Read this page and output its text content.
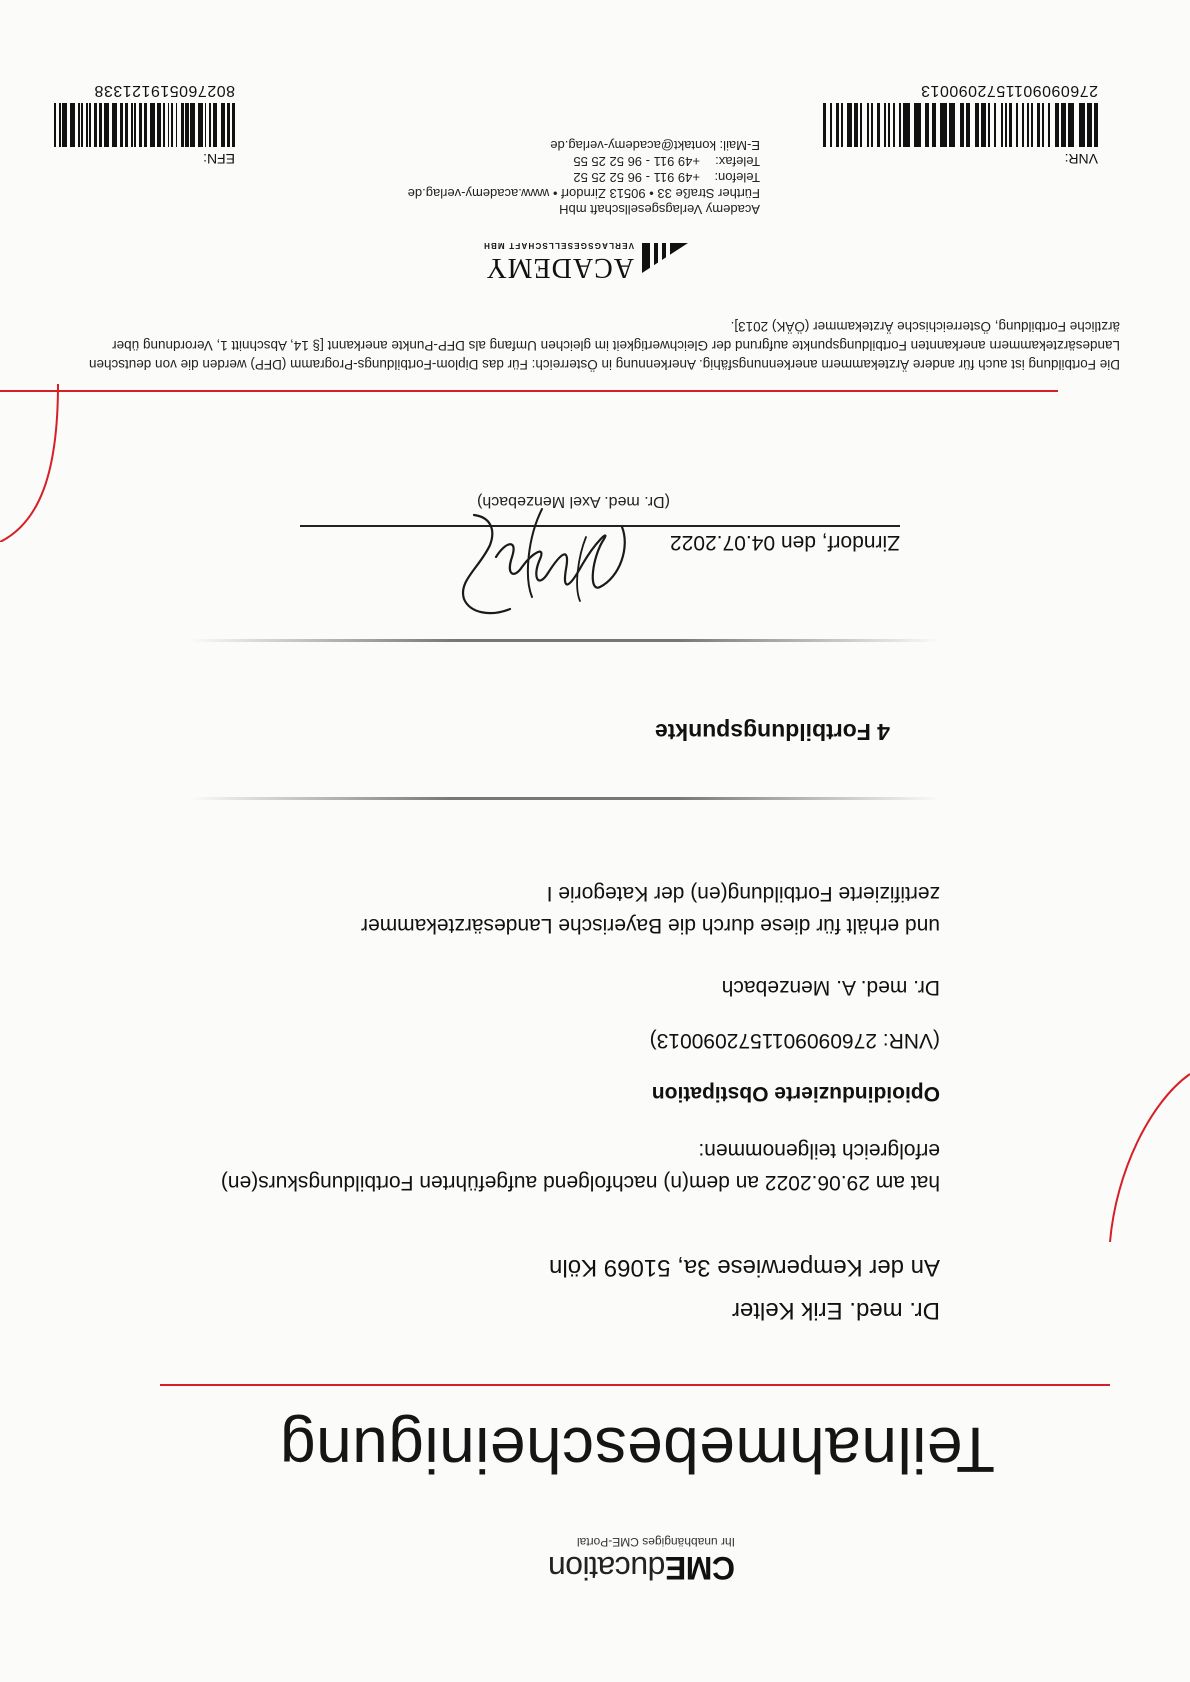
CMEducation
Ihr unabhängiges CME-Portal
Teilnahmebescheinigung
Dr. med. Erik Kelter
An der Kemperwiese 3a, 51069 Köln
hat am 29.06.2022 an dem(n) nachfolgend aufgeführten Fortbildungskurs(en)
erfolgreich teilgenommen:
Opioidinduzierte Obstipation
(VNR: 2760909011572090013)
Dr. med. A. Menzebach
und erhält für diese durch die Bayerische Landesärztekammer
zertifizierte Fortbildung(en) der Kategorie I
4 Fortbildungspunkte
Zirndorf, den 04.07.2022
(Dr. med. Axel Menzebach)
Die Fortbildung ist auch für andere Ärztekammern anerkennungsfähig. Anerkennung in Österreich: Für das Diplom-Fortbildungs-Programm (DFP) werden die von deutschen Landesärztekammern anerkannten Fortbildungspunkte aufgrund der Gleichwertigkeit im gleichen Umfang als DFP-Punkte anerkannt [§ 14, Abschnitt 1, Verordnung über ärztliche Fortbildung, Österreichische Ärztekammer (ÖÄK) 2013].
ACADEMY
VERLAGSGESELLSCHAFT MBH
Academy Verlagsgesellschaft mbH
Fürther Straße 33 • 90513 Zirndorf • www.academy-verlag.de
Telefon:+49 911 - 96 52 25 52
Telefax:+49 911 - 96 52 25 55
E-Mail: kontakt@academy-verlag.de
EFN:
802760519121338
VNR:
2760909011572090013
